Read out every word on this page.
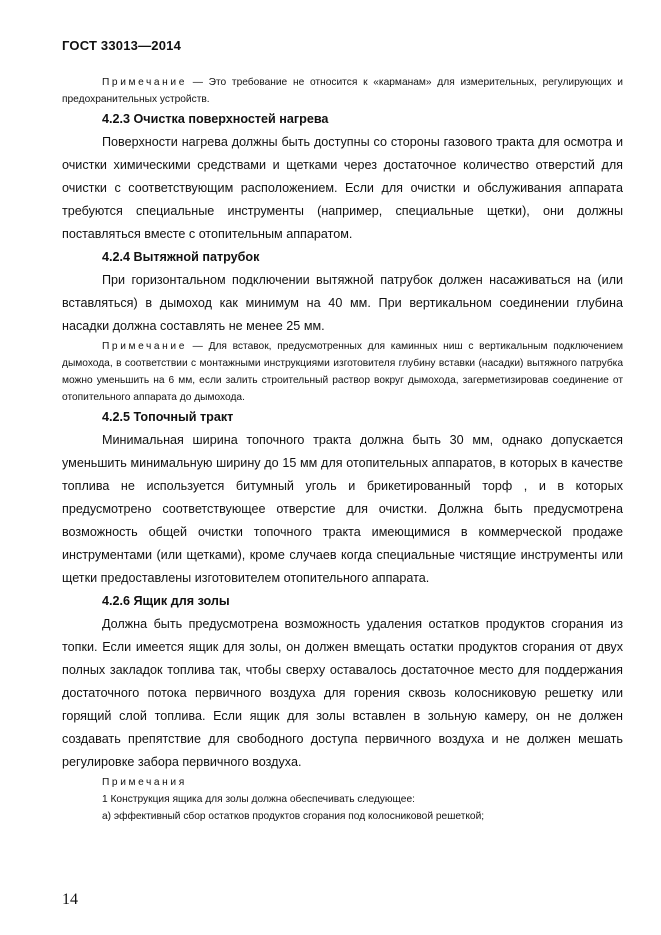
ГОСТ 33013—2014

Примечание — Это требование не относится к «карманам» для измерительных, регулирующих и предохранительных устройств.

4.2.3 Очистка поверхностей нагрева

Поверхности нагрева должны быть доступны со стороны газового тракта для осмотра и очистки химическими средствами и щетками через достаточное количество отверстий для очистки с соответствующим расположением. Если для очистки и обслуживания аппарата требуются специальные инструменты (например, специальные щетки), они должны поставляться вместе с отопительным аппаратом.

4.2.4 Вытяжной патрубок

При горизонтальном подключении вытяжной патрубок должен насаживаться на (или вставляться) в дымоход как минимум на 40 мм. При вертикальном соединении глубина насадки должна составлять не менее 25 мм.

Примечание — Для вставок, предусмотренных для каминных ниш с вертикальным подключением дымохода, в соответствии с монтажными инструкциями изготовителя глубину вставки (насадки) вытяжного патрубка можно уменьшить на 6 мм, если залить строительный раствор вокруг дымохода, загерметизировав соединение от отопительного аппарата до дымохода.

4.2.5 Топочный тракт

Минимальная ширина топочного тракта должна быть 30 мм, однако допускается уменьшить минимальную ширину до 15 мм для отопительных аппаратов, в которых в качестве топлива не используется битумный уголь и брикетированный торф , и в которых предусмотрено соответствующее отверстие для очистки. Должна быть предусмотрена возможность общей очистки топочного тракта имеющимися в коммерческой продаже инструментами (или щетками), кроме случаев когда специальные чистящие инструменты или щетки предоставлены изготовителем отопительного аппарата.

4.2.6 Ящик для золы

Должна быть предусмотрена возможность удаления остатков продуктов сгорания из топки. Если имеется ящик для золы, он должен вмещать остатки продуктов сгорания от двух полных закладок топлива так, чтобы сверху оставалось достаточное место для поддержания достаточного потока первичного воздуха для горения сквозь колосниковую решетку или горящий слой топлива. Если ящик для золы вставлен в зольную камеру, он не должен создавать препятствие для свободного доступа первичного воздуха и не должен мешать регулировке забора первичного воздуха.

Примечания

1 Конструкция ящика для золы должна обеспечивать следующее:

а) эффективный сбор остатков продуктов сгорания под колосниковой решеткой;

14
